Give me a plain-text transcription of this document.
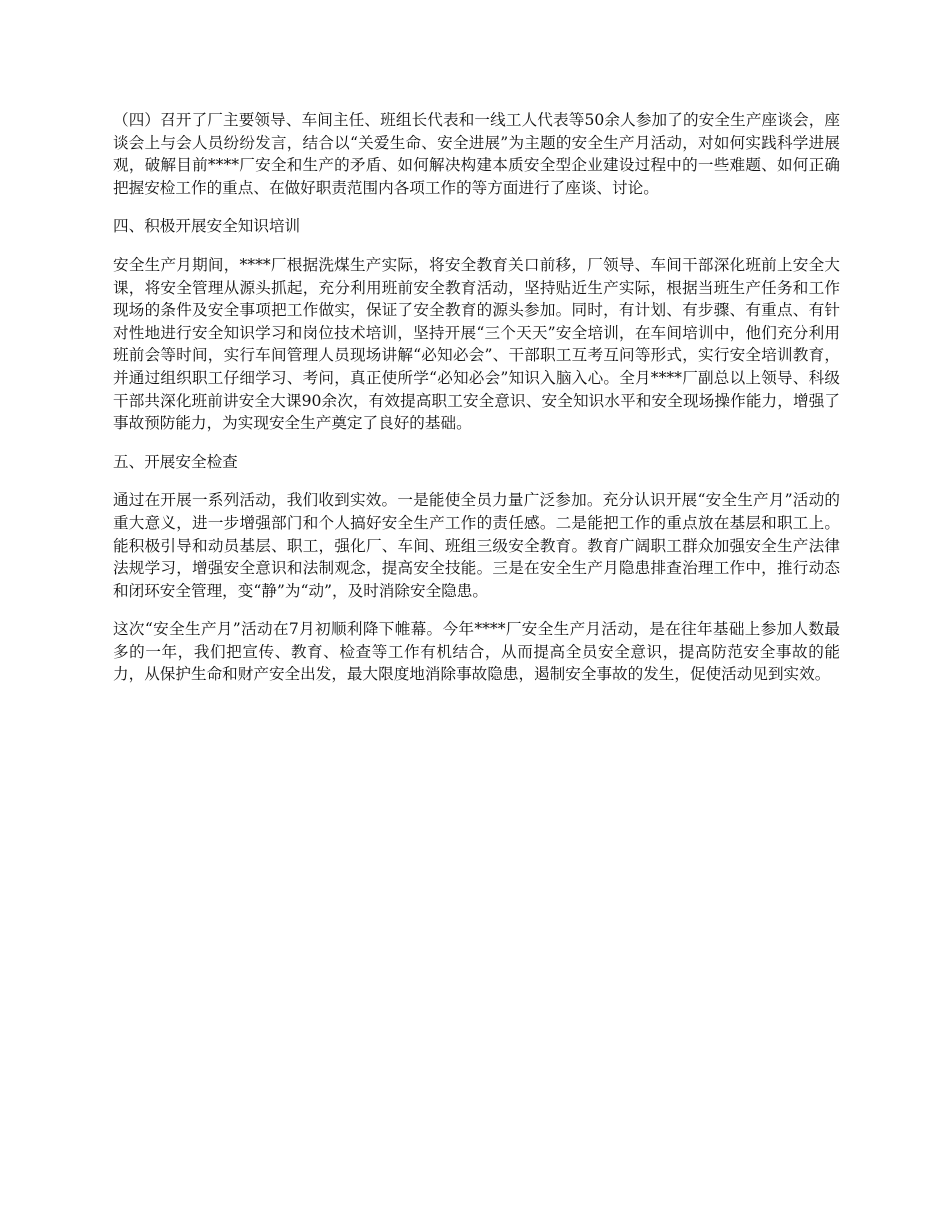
（四）召开了厂主要领导、车间主任、班组长代表和一线工人代表等50余人参加了的安全生产座谈会，座谈会上与会人员纷纷发言，结合以“关爱生命、安全进展”为主题的安全生产月活动，对如何实践科学进展观，破解目前****厂安全和生产的矛盾、如何解决构建本质安全型企业建设过程中的一些难题、如何正确把握安检工作的重点、在做好职责范围内各项工作的等方面进行了座谈、讨论。

四、积极开展安全知识培训

安全生产月期间，****厂根据洗煤生产实际，将安全教育关口前移，厂领导、车间干部深化班前上安全大课，将安全管理从源头抓起，充分利用班前安全教育活动，坚持贴近生产实际，根据当班生产任务和工作现场的条件及安全事项把工作做实，保证了安全教育的源头参加。同时，有计划、有步骤、有重点、有针对性地进行安全知识学习和岗位技术培训，坚持开展“三个天天”安全培训，在车间培训中，他们充分利用班前会等时间，实行车间管理人员现场讲解“必知必会”、干部职工互考互问等形式，实行安全培训教育，并通过组织职工仔细学习、考问，真正使所学“必知必会”知识入脑入心。全月****厂副总以上领导、科级干部共深化班前讲安全大课90余次，有效提高职工安全意识、安全知识水平和安全现场操作能力，增强了事故预防能力，为实现安全生产奠定了良好的基础。

五、开展安全检查

通过在开展一系列活动，我们收到实效。一是能使全员力量广泛参加。充分认识开展“安全生产月”活动的重大意义，进一步增强部门和个人搞好安全生产工作的责任感。二是能把工作的重点放在基层和职工上。能积极引导和动员基层、职工，强化厂、车间、班组三级安全教育。教育广阔职工群众加强安全生产法律法规学习，增强安全意识和法制观念，提高安全技能。三是在安全生产月隐患排查治理工作中，推行动态和闭环安全管理，变“静”为“动”，及时消除安全隐患。

这次“安全生产月”活动在7月初顺利降下帷幕。今年****厂安全生产月活动，是在往年基础上参加人数最多的一年，我们把宣传、教育、检查等工作有机结合，从而提高全员安全意识，提高防范安全事故的能力，从保护生命和财产安全出发，最大限度地消除事故隐患，遏制安全事故的发生，促使活动见到实效。
